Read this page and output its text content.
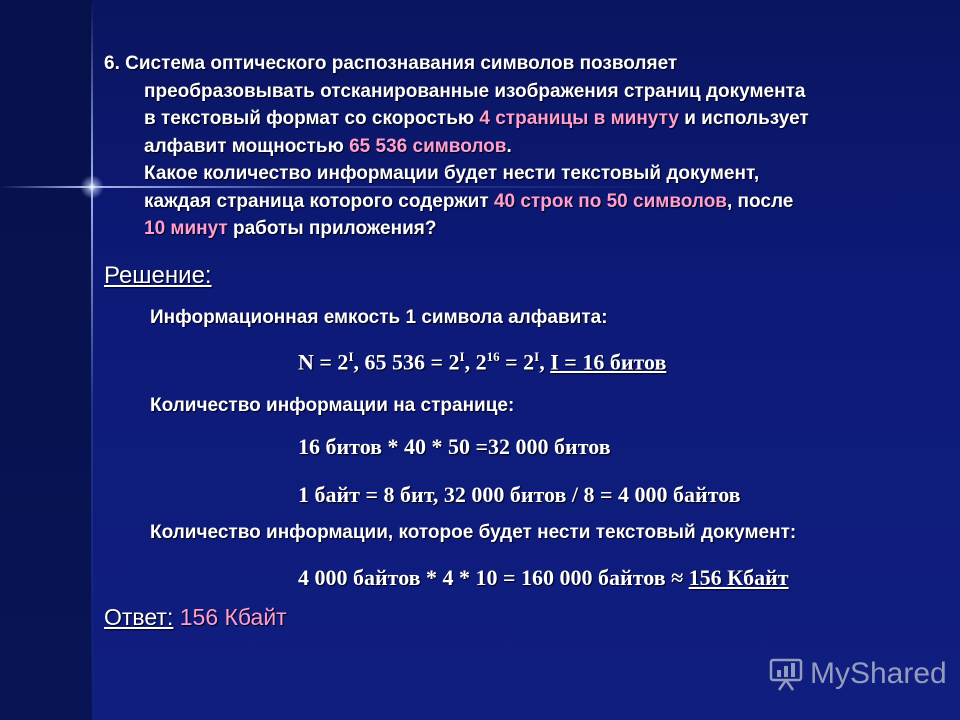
6. Система оптического распознавания символов позволяет
преобразовывать отсканированные изображения страниц документа
в текстовый формат со скоростью 4 страницы в минуту и использует
алфавит мощностью 65 536 символов.
Какое количество информации будет нести текстовый документ,
каждая страница которого содержит 40 строк по 50 символов, после
10 минут работы приложения?
Решение:
Информационная емкость 1 символа алфавита:
$N = 2^I$, 65 $536 = 2^I$, $2^{16} = 2^I$, I = 16 битов
Количество информации на странице:
16 битов * 40 * 50 =32 000 битов
1 байт = 8 бит, 32 000 битов / 8 = 4 000 байтов
Количество информации, которое будет нести текстовый документ:
4 000 байтов * 4 * 10 = 160 000 байтов ≈ 156 Кбайт
Ответ: 156 Кбайт
MyShared
